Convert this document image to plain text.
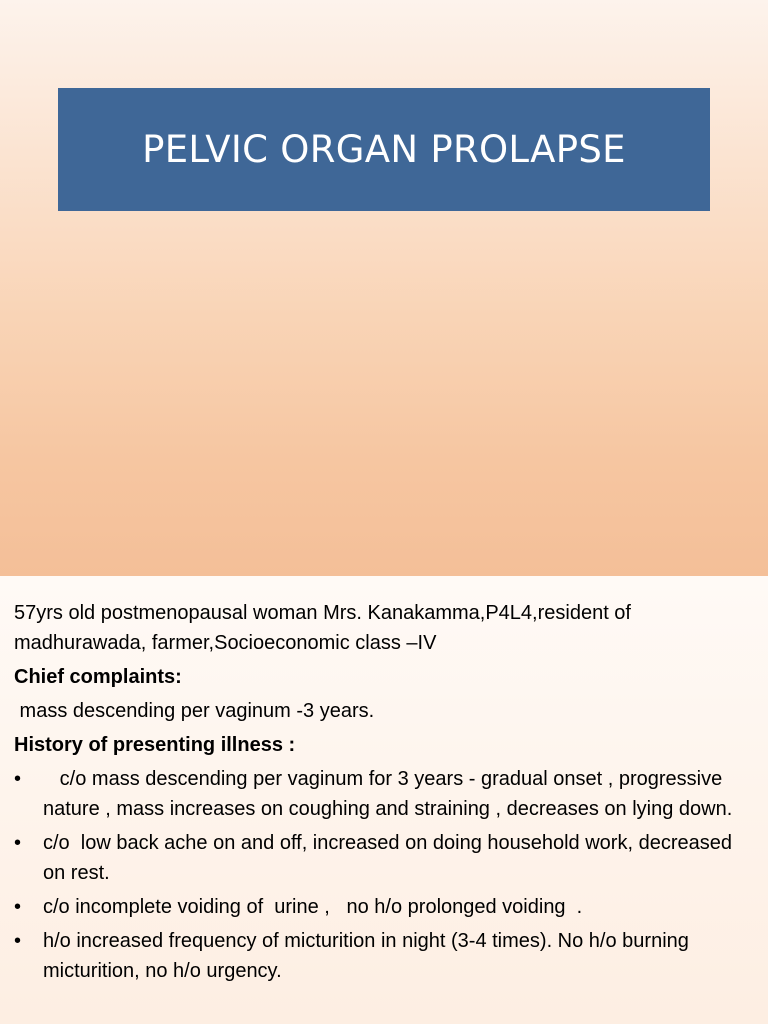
PELVIC ORGAN PROLAPSE

57yrs old postmenopausal woman Mrs. Kanakamma,P4L4,resident of madhurawada, farmer,Socioeconomic class –IV

Chief complaints:

mass descending per vaginum -3 years.

History of presenting illness :

• c/o mass descending per vaginum for 3 years - gradual onset , progressive nature , mass increases on coughing and straining , decreases on lying down.
• c/o  low back ache on and off, increased on doing household work, decreased on rest.
• c/o incomplete voiding of  urine ,   no h/o prolonged voiding  .
• h/o increased frequency of micturition in night (3-4 times). No h/o burning micturition, no h/o urgency.
